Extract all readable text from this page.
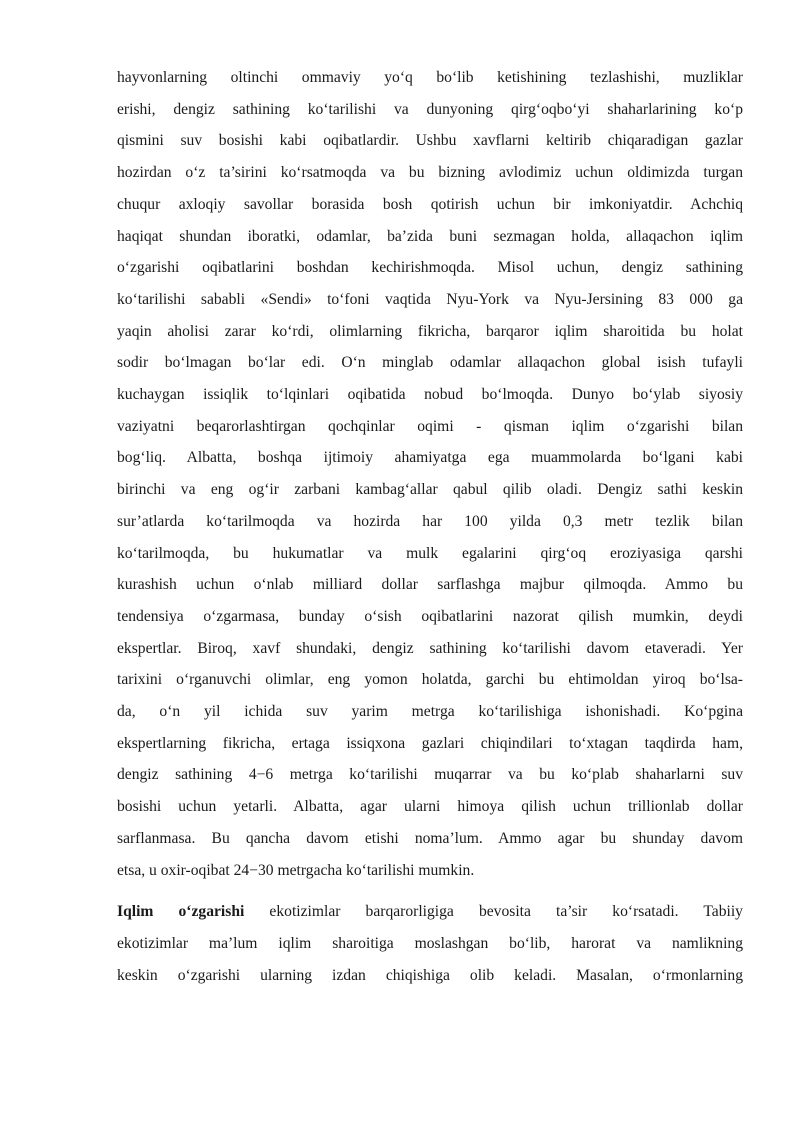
hayvonlarning oltinchi ommaviy yo‘q bo‘lib ketishining tezlashishi, muzliklar
erishi, dengiz sathining ko‘tarilishi va dunyoning qirg‘oqbo‘yi shaharlarining ko‘p
qismini suv bosishi kabi oqibatlardir. Ushbu xavflarni keltirib chiqaradigan gazlar
hozirdan o‘z ta’sirini ko‘rsatmoqda va bu bizning avlodimiz uchun oldimizda turgan
chuqur axloqiy savollar borasida bosh qotirish uchun bir imkoniyatdir. Achchiq
haqiqat shundan iboratki, odamlar, ba’zida buni sezmagan holda, allaqachon iqlim
o‘zgarishi oqibatlarini boshdan kechirishmoqda. Misol uchun, dengiz sathining
ko‘tarilishi sababli «Sendi» to‘foni vaqtida Nyu-York va Nyu-Jersining 83 000 ga
yaqin aholisi zarar ko‘rdi, olimlarning fikricha, barqaror iqlim sharoitida bu holat
sodir bo‘lmagan bo‘lar edi. O‘n minglab odamlar allaqachon global isish tufayli
kuchaygan issiqlik to‘lqinlari oqibatida nobud bo‘lmoqda. Dunyo bo‘ylab siyosiy
vaziyatni beqarorlashtirgan qochqinlar oqimi - qisman iqlim o‘zgarishi bilan
bog‘liq. Albatta, boshqa ijtimoiy ahamiyatga ega muammolarda bo‘lgani kabi
birinchi va eng og‘ir zarbani kambag‘allar qabul qilib oladi. Dengiz sathi keskin
sur’atlarda ko‘tarilmoqda va hozirda har 100 yilda 0,3 metr tezlik bilan
ko‘tarilmoqda, bu hukumatlar va mulk egalarini qirg‘oq eroziyasiga qarshi
kurashish uchun o‘nlab milliard dollar sarflashga majbur qilmoqda. Ammo bu
tendensiya o‘zgarmasa, bunday o‘sish oqibatlarini nazorat qilish mumkin, deydi
ekspertlar. Biroq, xavf shundaki, dengiz sathining ko‘tarilishi davom etaveradi. Yer
tarixini o‘rganuvchi olimlar, eng yomon holatda, garchi bu ehtimoldan yiroq bo‘lsa-
da, o‘n yil ichida suv yarim metrga ko‘tarilishiga ishonishadi. Ko‘pgina
ekspertlarning fikricha, ertaga issiqxona gazlari chiqindilari to‘xtagan taqdirda ham,
dengiz sathining 4−6 metrga ko‘tarilishi muqarrar va bu ko‘plab shaharlarni suv
bosishi uchun yetarli. Albatta, agar ularni himoya qilish uchun trillionlab dollar
sarflanmasa. Bu qancha davom etishi noma’lum. Ammo agar bu shunday davom
etsa, u oxir-oqibat 24−30 metrgacha ko‘tarilishi mumkin.
Iqlim o‘zgarishi ekotizimlar barqarorligiga bevosita ta’sir ko‘rsatadi. Tabiiy
ekotizimlar ma’lum iqlim sharoitiga moslashgan bo‘lib, harorat va namlikning
keskin o‘zgarishi ularning izdan chiqishiga olib keladi. Masalan, o‘rmonlarning
